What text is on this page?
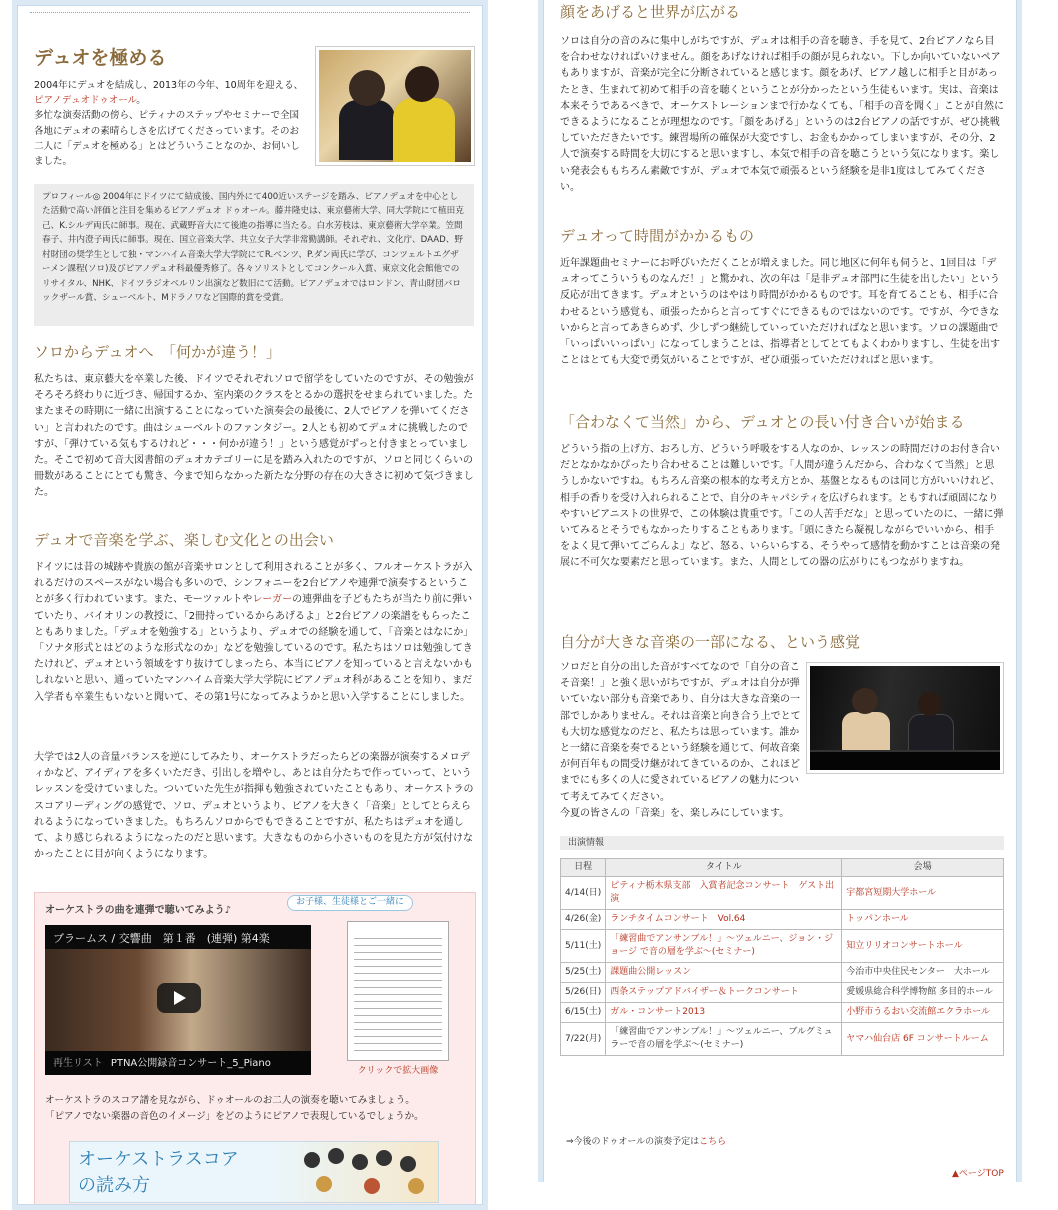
デュオを極める

2004年にデュオを結成し、2013年の今年、10周年を迎える、ピアノデュオドゥオール。
多忙な演奏活動の傍ら、ピティナのステップやセミナーで全国各地にデュオの素晴らしさを広げてくださっています。そのお二人に「デュオを極める」とはどういうことなのか、お伺いしました。

プロフィール◎ 2004年にドイツにて結成後、国内外にて400近いステージを踏み、ピアノデュオを中心とした活動で高い評価と注目を集めるピアノデュオ ドゥオール。藤井隆史は、東京藝術大学、同大学院にて植田克己、K.シルデ両氏に師事。現在、武蔵野音大にて後進の指導に当たる。白水芳枝は、東京藝術大学卒業。笠間春子、井内澄子両氏に師事。現在、国立音楽大学、共立女子大学非常勤講師。それぞれ、文化庁、DAAD、野村財団の奨学生として独・マンハイム音楽大学大学院にてR.ベンツ、P.ダン両氏に学び、コンツェルトエグザーメン課程(ソロ)及びピアノデュオ科最優秀修了。各々ソリストとしてコンクール入賞、東京文化会館他でのリサイタル、NHK、ドイツラジオベルリン出演など数旧にて活動。ピアノデュオではロンドン、青山財団バロックザール賞、シューベルト、Mドラノワなど国際的賞を受賞。
ソロからデュオへ　「何かが違う！」

私たちは、東京藝大を卒業した後、ドイツでそれぞれソロで留学をしていたのですが、その勉強がそろそろ終わりに近づき、帰国するか、室内楽のクラスをとるかの選択をせまられていました。たまたまその時期に一緒に出演することになっていた演奏会の最後に、2人でピアノを弾いてください」と言われたのです。曲はシューベルトのファンタジー。2人とも初めてデュオに挑戦したのですが、「弾けている気もするけれど・・・何かが違う！」という感覚がずっと付きまとっていました。そこで初めて音大図書館のデュオカテゴリーに足を踏み入れたのですが、ソロと同じくらいの冊数があることにとても驚き、今まで知らなかった新たな分野の存在の大きさに初めて気づきました。

デュオで音楽を学ぶ、楽しむ文化との出会い

ドイツには昔の城跡や貴族の館が音楽サロンとして利用されることが多く、フルオーケストラが入れるだけのスペースがない場合も多いので、シンフォニーを2台ピアノや連弾で演奏するということが多く行われています。また、モーツァルトやレーガーの連弾曲を子どもたちが当たり前に弾いていたり、バイオリンの教授に、「2冊持っているからあげるよ」と2台ピアノの楽譜をもらったこともありました。「デュオを勉強する」というより、デュオでの経験を通して、「音楽とはなにか」「ソナタ形式とはどのような形式なのか」などを勉強しているのです。私たちはソロは勉強してきたけれど、デュオという領域をすり抜けてしまったら、本当にピアノを知っていると言えないかもしれないと思い、通っていたマンハイム音楽大学大学院にピアノデュオ科があることを知り、まだ入学者も卒業生もいないと聞いて、その第1号になってみようかと思い入学することにしました。

大学では2人の音量バランスを逆にしてみたり、オーケストラだったらどの楽器が演奏するメロディかなど、アイディアを多くいただき、引出しを増やし、あとは自分たちで作っていって、というレッスンを受けていました。ついていた先生が指揮も勉強されていたこともあり、オーケストラのスコアリーディングの感覚で、ソロ、デュオというより、ピアノを大きく「音楽」としてとらえられるようになっていきました。もちろんソロからでもできることですが、私たちはデュオを通して、より感じられるようになったのだと思います。大きなものから小さいものを見た方が気付けなかったことに目が向くようになります。

オーケストラの曲を連弾で聴いてみよう♪
お子様、生徒様とご一緒に
ブラームス / 交響曲　第１番　(連弾) 第4楽
再生リスト PTNA公開録音コンサート_5_Piano
クリックで拡大画像
オーケストラのスコア譜を見ながら、ドゥオールのお二人の演奏を聴いてみましょう。
「ピアノでない楽器の音色のイメージ」をどのようにピアノで表現しているでしょうか。
オーケストラスコア
の読み方
顔をあげると世界が広がる

ソロは自分の音のみに集中しがちですが、デュオは相手の音を聴き、手を見て、2台ピアノなら目を合わせなければいけません。顔をあげなければ相手の顔が見られない。下しか向いていないペアもありますが、音楽が完全に分断されていると感じます。顔をあげ、ピアノ越しに相手と目があったとき、生まれて初めて相手の音を聴くということが分かったという生徒もいます。実は、音楽は本来そうであるべきで、オーケストレーションまで行かなくても、「相手の音を聞く」ことが自然にできるようになることが理想なのです。「顔をあげる」というのは2台ピアノの話ですが、ぜひ挑戦していただきたいです。練習場所の確保が大変ですし、お金もかかってしまいますが、その分、2人で演奏する時間を大切にすると思いますし、本気で相手の音を聴こうという気になります。楽しい発表会ももちろん素敵ですが、デュオで本気で頑張るという経験を是非1度はしてみてください。

デュオって時間がかかるもの

近年課題曲セミナーにお呼びいただくことが増えました。同じ地区に何年も伺うと、1回目は「デュオってこういうものなんだ！」と驚かれ、次の年は「是非デュオ部門に生徒を出したい」という反応が出てきます。デュオというのはやはり時間がかかるものです。耳を育てることも、相手に合わせるという感覚も、頑張ったからと言ってすぐにできるものではないのです。ですが、今できないからと言ってあきらめず、少しずつ継続していっていただければなと思います。ソロの課題曲で「いっぱいいっぱい」になってしまうことは、指導者としてとてもよくわかりますし、生徒を出すことはとても大変で勇気がいることですが、ぜひ頑張っていただければと思います。

「合わなくて当然」から、デュオとの長い付き合いが始まる

どういう指の上げ方、おろし方、どういう呼吸をする人なのか、レッスンの時間だけのお付き合いだとなかなかぴったり合わせることは難しいです。「人間が違うんだから、合わなくて当然」と思うしかないですね。もちろん音楽の根本的な考え方とか、基盤となるものは同じ方がいいけれど、相手の香りを受け入れられることで、自分のキャパシティを広げられます。ともすれば頑固になりやすいピアニストの世界で、この体験は貴重です。「この人苦手だな」と思っていたのに、一緒に弾いてみるとそうでもなかったりすることもあります。「頭にきたら凝視しながらでいいから、相手をよく見て弾いてごらんよ」など、怒る、いらいらする、そうやって感情を動かすことは音楽の発展に不可欠な要素だと思っています。また、人間としての器の広がりにもつながりますね。

自分が大きな音楽の一部になる、という感覚

ソロだと自分の出した音がすべてなので「自分の音こそ音楽！」と強く思いがちですが、デュオは自分が弾いていない部分も音楽であり、自分は大きな音楽の一部でしかありません。それは音楽と向き合う上でとても大切な感覚なのだと、私たちは思っています。誰かと一緒に音楽を奏でるという経験を通じて、何故音楽が何百年もの間受け継がれてきているのか、これほどまでにも多くの人に愛されているピアノの魅力について考えてみてください。
今夏の皆さんの「音楽」を、楽しみにしています。

出演情報
日程	タイトル	会場
4/14(日)	ピティナ栃木県支部　入賞者記念コンサート　ゲスト出演	宇都宮短期大学ホール
4/26(金)	ランチタイムコンサート　Vol.64	トッパンホール
5/11(土)	「練習曲でアンサンブル！」〜ツェルニー、ジョン・ジョージ で音の層を学ぶ〜(セミナー)	知立リリオコンサートホール
5/25(土)	課題曲公開レッスン	今治市中央住民センター　大ホール
5/26(日)	西条ステップアドバイザー＆トークコンサート	愛媛県総合科学博物館 多目的ホール
6/15(土)	ガル・コンサート2013	小野市うるおい交流館エクラホール
7/22(月)	「練習曲でアンサンブル！」〜ツェルニー、ブルグミュラーで音の層を学ぶ〜(セミナー)	ヤマハ仙台店 6F コンサートルーム
⇒今後のドゥオールの演奏予定はこちら
▲ページTOP
